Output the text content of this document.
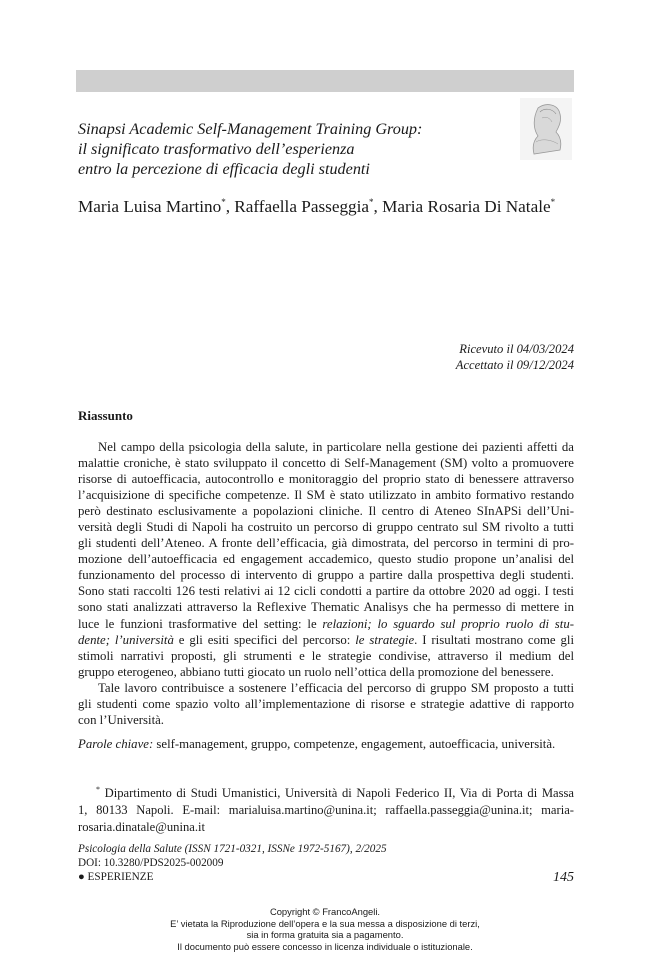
Sinapsi Academic Self-Management Training Group:
il significato trasformativo dell’esperienza
entro la percezione di efficacia degli studenti
Maria Luisa Martino*, Raffaella Passeggia*, Maria Rosaria Di Natale*
Ricevuto il 04/03/2024
Accettato il 09/12/2024
Riassunto
Nel campo della psicologia della salute, in particolare nella gestione dei pazienti affetti da
malattie croniche, è stato sviluppato il concetto di Self-Management (SM) volto a promuovere
risorse di autoefficacia, autocontrollo e monitoraggio del proprio stato di benessere attraverso
l’acquisizione di specifiche competenze. Il SM è stato utilizzato in ambito formativo restando
però destinato esclusivamente a popolazioni cliniche. Il centro di Ateneo SInAPSi dell’Uni-
versità degli Studi di Napoli ha costruito un percorso di gruppo centrato sul SM rivolto a tutti
gli studenti dell’Ateneo. A fronte dell’efficacia, già dimostrata, del percorso in termini di pro-
mozione dell’autoefficacia ed engagement accademico, questo studio propone un’analisi del
funzionamento del processo di intervento di gruppo a partire dalla prospettiva degli studenti.
Sono stati raccolti 126 testi relativi ai 12 cicli condotti a partire da ottobre 2020 ad oggi. I testi
sono stati analizzati attraverso la Reflexive Thematic Analisys che ha permesso di mettere in
luce le funzioni trasformative del setting: le relazioni; lo sguardo sul proprio ruolo di stu-
dente; l’università e gli esiti specifici del percorso: le strategie. I risultati mostrano come gli
stimoli narrativi proposti, gli strumenti e le strategie condivise, attraverso il medium del
gruppo eterogeneo, abbiano tutti giocato un ruolo nell’ottica della promozione del benessere.
Tale lavoro contribuisce a sostenere l’efficacia del percorso di gruppo SM proposto a tutti
gli studenti come spazio volto all’implementazione di risorse e strategie adattive di rapporto
con l’Università.
Parole chiave: self-management, gruppo, competenze, engagement, autoefficacia, università.
* Dipartimento di Studi Umanistici, Università di Napoli Federico II, Via di Porta di Massa
1, 80133 Napoli. E-mail: marialuisa.martino@unina.it; raffaella.passeggia@unina.it; maria-
rosaria.dinatale@unina.it
Psicologia della Salute (ISSN 1721-0321, ISSNe 1972-5167), 2/2025
DOI: 10.3280/PDS2025-002009
● ESPERIENZE	145
Copyright © FrancoAngeli.
E’ vietata la Riproduzione dell’opera e la sua messa a disposizione di terzi,
sia in forma gratuita sia a pagamento.
Il documento può essere concesso in licenza individuale o istituzionale.
